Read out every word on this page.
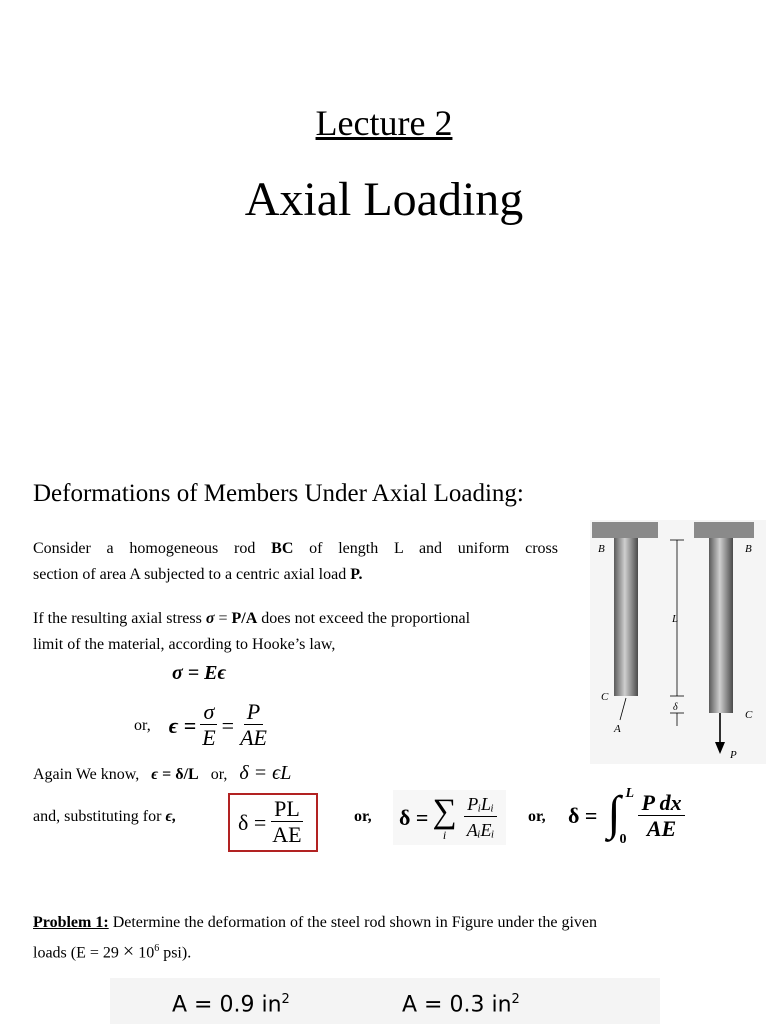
Lecture 2
Axial Loading
Deformations of Members Under Axial Loading:
Consider a homogeneous rod BC of length L and uniform cross
section of area A subjected to a centric axial load P.
If the resulting axial stress σ = P/A does not exceed the proportional
limit of the material, according to Hooke’s law,
σ = Eϵ
or, $\epsilon = \frac{\sigma}{E} = \frac{P}{AE}$
Again We know, ϵ = δ/L or, δ = ϵL
and, substituting for ϵ,	$\delta = \frac{PL}{AE}$	or, δ = ∑
i $\frac{\text{PᵢLᵢ}}{\text{AᵢEᵢ}}$ or, δ = ∫ L
$0 \frac{\text{P dx}}{AE}$
Problem 1: Determine the deformation of the steel rod shown in Figure under the given
loads ($E = 29 \times 10^6$ psi).
B	B
C
C
L
δ
A
P
A = 0.9 $in^2$	A = 0.3 $in^2$
